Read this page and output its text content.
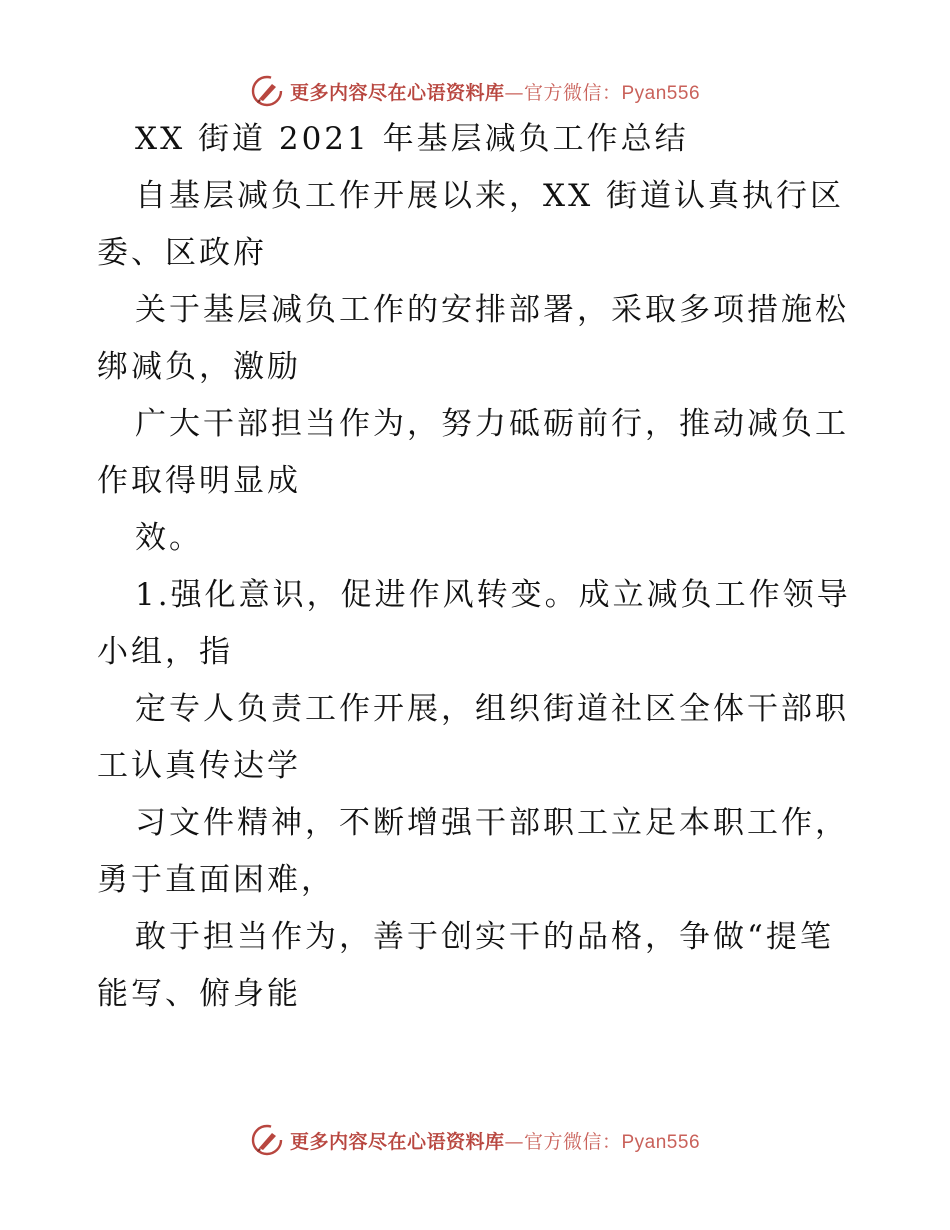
更多内容尽在心语资料库—官方微信：Pyan556

XX 街道 2021 年基层减负工作总结

自基层减负工作开展以来，XX 街道认真执行区

委、区政府

关于基层减负工作的安排部署，采取多项措施松

绑减负，激励

广大干部担当作为，努力砥砺前行，推动减负工

作取得明显成

效。

1.强化意识，促进作风转变。成立减负工作领导

小组，指

定专人负责工作开展，组织街道社区全体干部职

工认真传达学

习文件精神，不断增强干部职工立足本职工作，

勇于直面困难，

敢于担当作为，善于创实干的品格，争做“提笔

能写、俯身能

更多内容尽在心语资料库—官方微信：Pyan556
